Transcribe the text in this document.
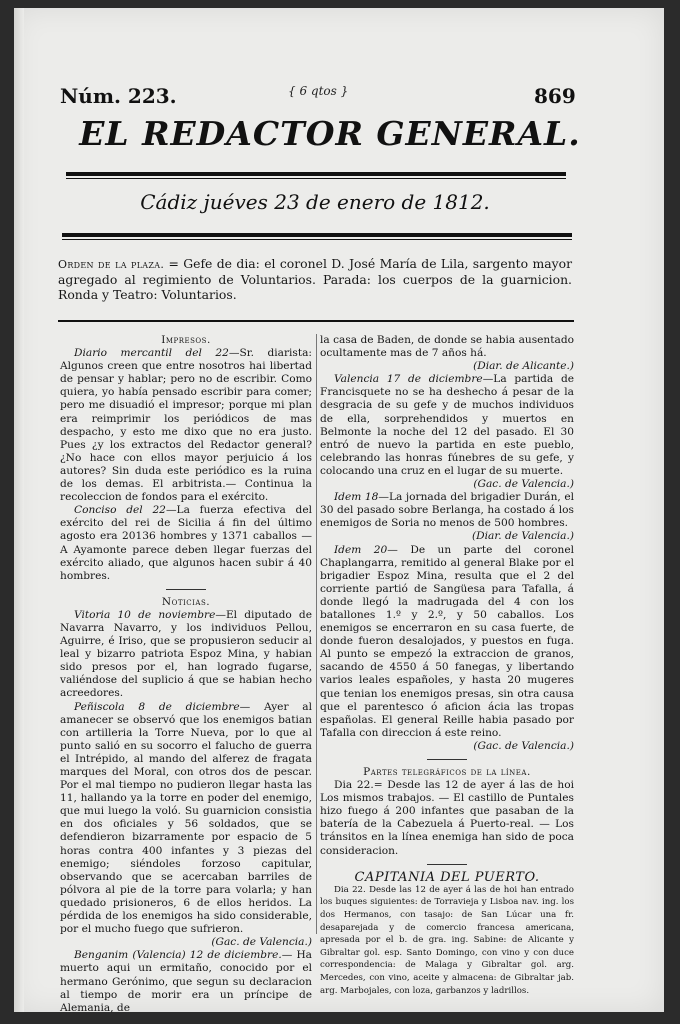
Núm. 223.	{ 6 qtos }	869
EL REDACTOR GENERAL.
Cádiz juéves 23 de enero de 1812.
Orden de la plaza. = Gefe de dia: el coronel D. José María de Lila, sargento mayor agregado al regimiento de Voluntarios. Parada: los cuerpos de la guarnicion. Ronda y Teatro: Voluntarios.

Impresos.

Diario mercantil del 22—Sr. diarista: Algunos creen que entre nosotros hai libertad de pensar y hablar; pero no de escribir. Como quiera, yo había pensado escribir para comer; pero me disuadió el impresor; porque mi plan era reimprimir los periódicos de mas despacho, y esto me dixo que no era justo. Pues ¿y los extractos del Redactor general? ¿No hace con ellos mayor perjuicio á los autores? Sin duda este periódico es la ruina de los demas. El arbitrista.— Continua la recoleccion de fondos para el exército.

Conciso del 22—La fuerza efectiva del exército del rei de Sicilia á fin del último agosto era 20136 hombres y 1371 caballos — A Ayamonte parece deben llegar fuerzas del exército aliado, que algunos hacen subir á 40 hombres.

Noticias.

Vitoria 10 de noviembre—El diputado de Navarra Navarro, y los individuos Pellou, Aguirre, é Iriso, que se propusieron seducir al leal y bizarro patriota Espoz Mina, y habian sido presos por el, han logrado fugarse, valiéndose del suplicio á que se habian hecho acreedores.

Peñiscola 8 de diciembre— Ayer al amanecer se observó que los enemigos batian con artilleria la Torre Nueva, por lo que al punto salió en su socorro el falucho de guerra el Intrépido, al mando del alferez de fragata marques del Moral, con otros dos de pescar. Por el mal tiempo no pudieron llegar hasta las 11, hallando ya la torre en poder del enemigo, que mui luego la voló. Su guarnicion consistia en dos oficiales y 56 soldados, que se defendieron bizarramente por espacio de 5 horas contra 400 infantes y 3 piezas del enemigo; siéndoles forzoso capitular, observando que se acercaban barriles de pólvora al pie de la torre para volarla; y han quedado prisioneros, 6 de ellos heridos. La pérdida de los enemigos ha sido considerable, por el mucho fuego que sufrieron.

(Gac. de Valencia.)

Benganim (Valencia) 12 de diciembre.— Ha muerto aqui un ermitaño, conocido por el hermano Gerónimo, que segun su declaracion al tiempo de morir era un príncipe de Alemania, de

la casa de Baden, de donde se habia ausentado ocultamente mas de 7 años há.

(Diar. de Alicante.)

Valencia 17 de diciembre—La partida de Francisquete no se ha deshecho á pesar de la desgracia de su gefe y de muchos individuos de ella, sorprehendidos y muertos en Belmonte la noche del 12 del pasado. El 30 entró de nuevo la partida en este pueblo, celebrando las honras fúnebres de su gefe, y colocando una cruz en el lugar de su muerte.

(Gac. de Valencia.)

Idem 18—La jornada del brigadier Durán, el 30 del pasado sobre Berlanga, ha costado á los enemigos de Soria no menos de 500 hombres.

(Diar. de Valencia.)

Idem 20— De un parte del coronel Chaplangarra, remitido al general Blake por el brigadier Espoz Mina, resulta que el 2 del corriente partió de Sangüesa para Tafalla, á donde llegó la madrugada del 4 con los batallones 1.º y 2.º, y 50 caballos. Los enemigos se encerraron en su casa fuerte, de donde fueron desalojados, y puestos en fuga. Al punto se empezó la extraccion de granos, sacando de 4550 á 50 fanegas, y libertando varios leales españoles, y hasta 20 mugeres que tenian los enemigos presas, sin otra causa que el parentesco ó aficion ácia las tropas españolas. El general Reille habia pasado por Tafalla con direccion á este reino.

(Gac. de Valencia.)

Partes telegráficos de la línea.

Dia 22.= Desde las 12 de ayer á las de hoi Los mismos trabajos. — El castillo de Puntales hizo fuego á 200 infantes que pasaban de la batería de la Cabezuela á Puerto-real. — Los tránsitos en la línea enemiga han sido de poca consideracion.

CAPITANIA DEL PUERTO.

Dia 22. Desde las 12 de ayer á las de hoi han entrado los buques siguientes: de Torravieja y Lisboa nav. ing. los dos Hermanos, con tasajo: de San Lúcar una fr. desaparejada y de comercio francesa americana, apresada por el b. de gra. ing. Sabine: de Alicante y Gibraltar gol. esp. Santo Domingo, con vino y con duce correspondencia: de Malaga y Gibraltar gol. arg. Mercedes, con vino, aceite y almacena: de Gibraltar jab. arg. Marbojales, con loza, garbanzos y ladrillos.
